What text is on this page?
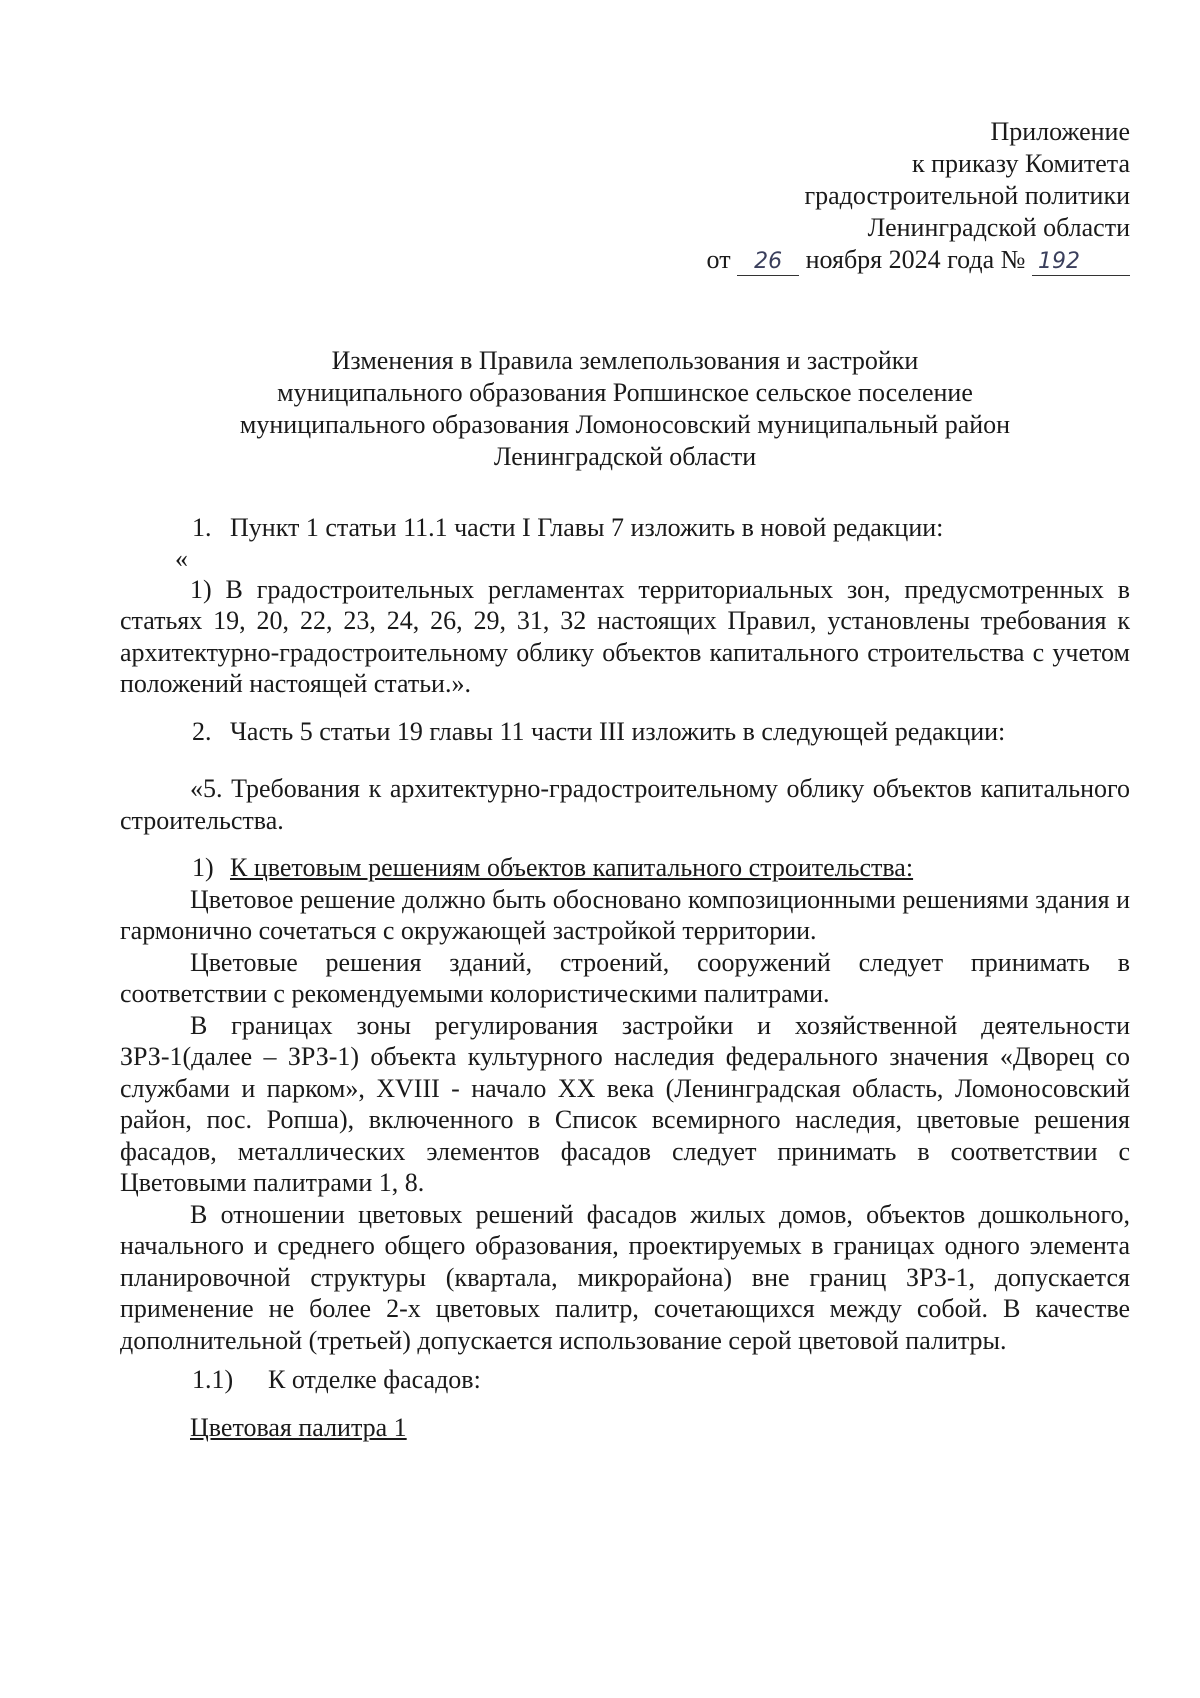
Приложение
к приказу Комитета
градостроительной политики
Ленинградской области
от 26 ноября 2024 года № 192
Изменения в Правила землепользования и застройки
муниципального образования Ропшинское сельское поселение
муниципального образования Ломоносовский муниципальный район
Ленинградской области

1. Пункт 1 статьи 11.1 части I Главы 7 изложить в новой редакции:

«

1) В градостроительных регламентах территориальных зон, предусмотренных в статьях 19, 20, 22, 23, 24, 26, 29, 31, 32 настоящих Правил, установлены требования к архитектурно-градостроительному облику объектов капитального строительства с учетом положений настоящей статьи.».

2. Часть 5 статьи 19 главы 11 части III изложить в следующей редакции:

«5. Требования к архитектурно-градостроительному облику объектов капитального строительства.

1) К цветовым решениям объектов капитального строительства:

Цветовое решение должно быть обосновано композиционными решениями здания и гармонично сочетаться с окружающей застройкой территории.

Цветовые решения зданий, строений, сооружений следует принимать в соответствии с рекомендуемыми колористическими палитрами.

В границах зоны регулирования застройки и хозяйственной деятельности ЗРЗ-1(далее – ЗРЗ-1) объекта культурного наследия федерального значения «Дворец со службами и парком», XVIII - начало XX века (Ленинградская область, Ломоносовский район, пос. Ропша), включенного в Список всемирного наследия, цветовые решения фасадов, металлических элементов фасадов следует принимать в соответствии с Цветовыми палитрами 1, 8.

В отношении цветовых решений фасадов жилых домов, объектов дошкольного, начального и среднего общего образования, проектируемых в границах одного элемента планировочной структуры (квартала, микрорайона) вне границ ЗРЗ-1, допускается применение не более 2-х цветовых палитр, сочетающихся между собой. В качестве дополнительной (третьей) допускается использование серой цветовой палитры.

1.1) К отделке фасадов:

Цветовая палитра 1
